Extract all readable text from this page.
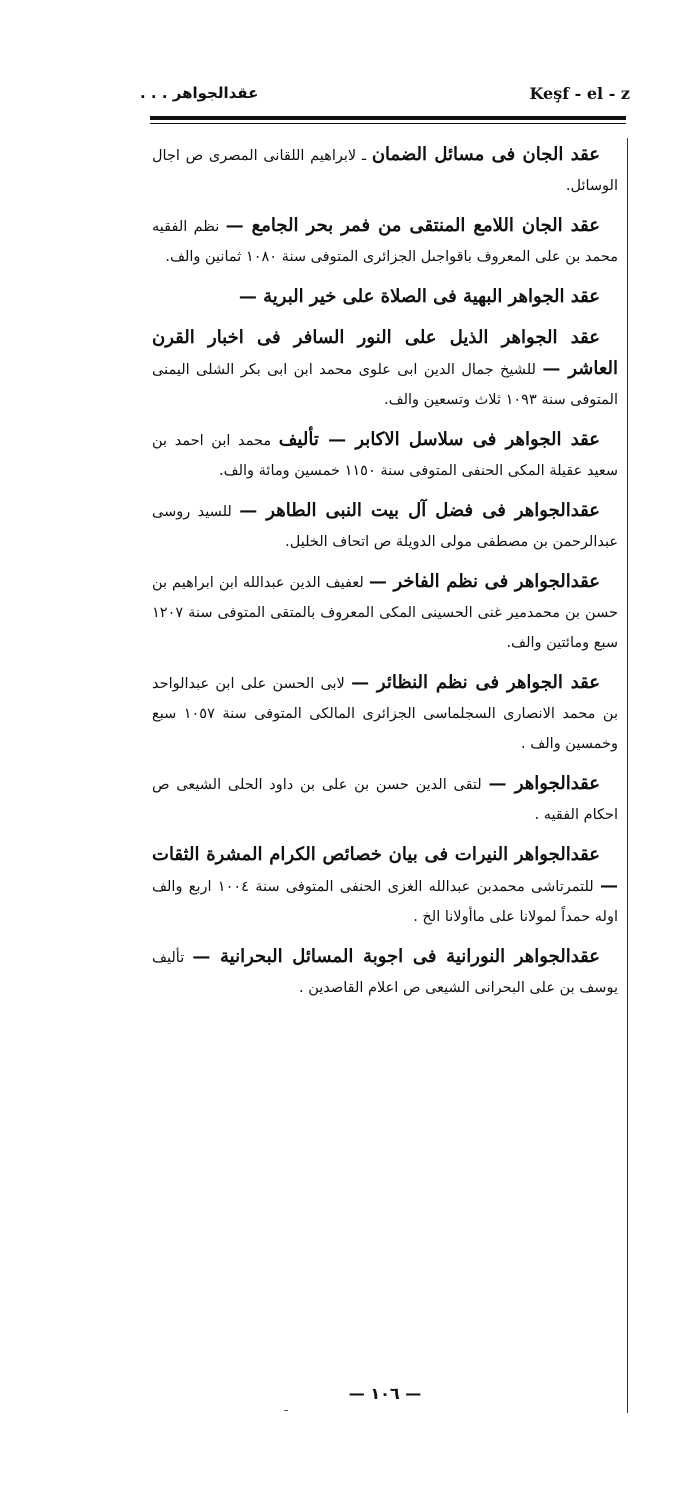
عقدالجواهر . . .	Keşf - el - z
عقد الجان فى مسائل الضمان ـ لابراهيم اللقانى المصرى ص اجال الوسائل.
عقد الجان اللامع المنتقى من فمر بحر الجامع — نظم الفقيه محمد بن على المعروف باقواجىل الجزائرى المتوفى سنة ١٠٨٠ ثمانين والف.
عقد الجواهر البهية فى الصلاة على خير البرية —
عقد الجواهر الذيل على النور السافر فى اخبار القرن العاشر — للشيخ جمال الدين ابى علوى محمد ابن ابى بكر الشلى اليمنى المتوفى سنة ١٠٩٣ ثلاث وتسعين والف.
عقد الجواهر فى سلاسل الاكابر — تأليف محمد ابن احمد بن سعيد عقيلة المكى الحنفى المتوفى سنة ١١٥٠ خمسين ومائة والف.
عقدالجواهر فى فضل آل بيت النبى الطاهر — للسيد روسى عبدالرحمن بن مصطفى مولى الدويلة ص اتحاف الخليل.
عقدالجواهر فى نظم الفاخر — لعفيف الدين عبدالله ابن ابراهيم بن حسن بن محمدمير غنى الحسينى المكى المعروف بالمتقى المتوفى سنة ١٢٠٧ سبع ومائتين والف.
عقد الجواهر فى نظم النظائر — لابى الحسن على ابن عبدالواحد بن محمد الانصارى السجلماسى الجزائرى المالكى المتوفى سنة ١٠٥٧ سبع وخمسين والف .
عقدالجواهر — لتقى الدين حسن بن على بن داود الحلى الشيعى ص احكام الفقيه .
عقدالجواهر النيرات فى بيان خصائص الكرام المشرة الثقات — للتمرتاشى محمدبن عبدالله الغزى الحنفى المتوفى سنة ١٠٠٤ اربع والف اوله حمداً لمولانا على ماأولانا الخ .
عقدالجواهر النورانية فى اجوبة المسائل البحرانية — تأليف يوسف بن على البحرانى الشيعى ص اعلام القاصدين .
— ١٠٦ —
